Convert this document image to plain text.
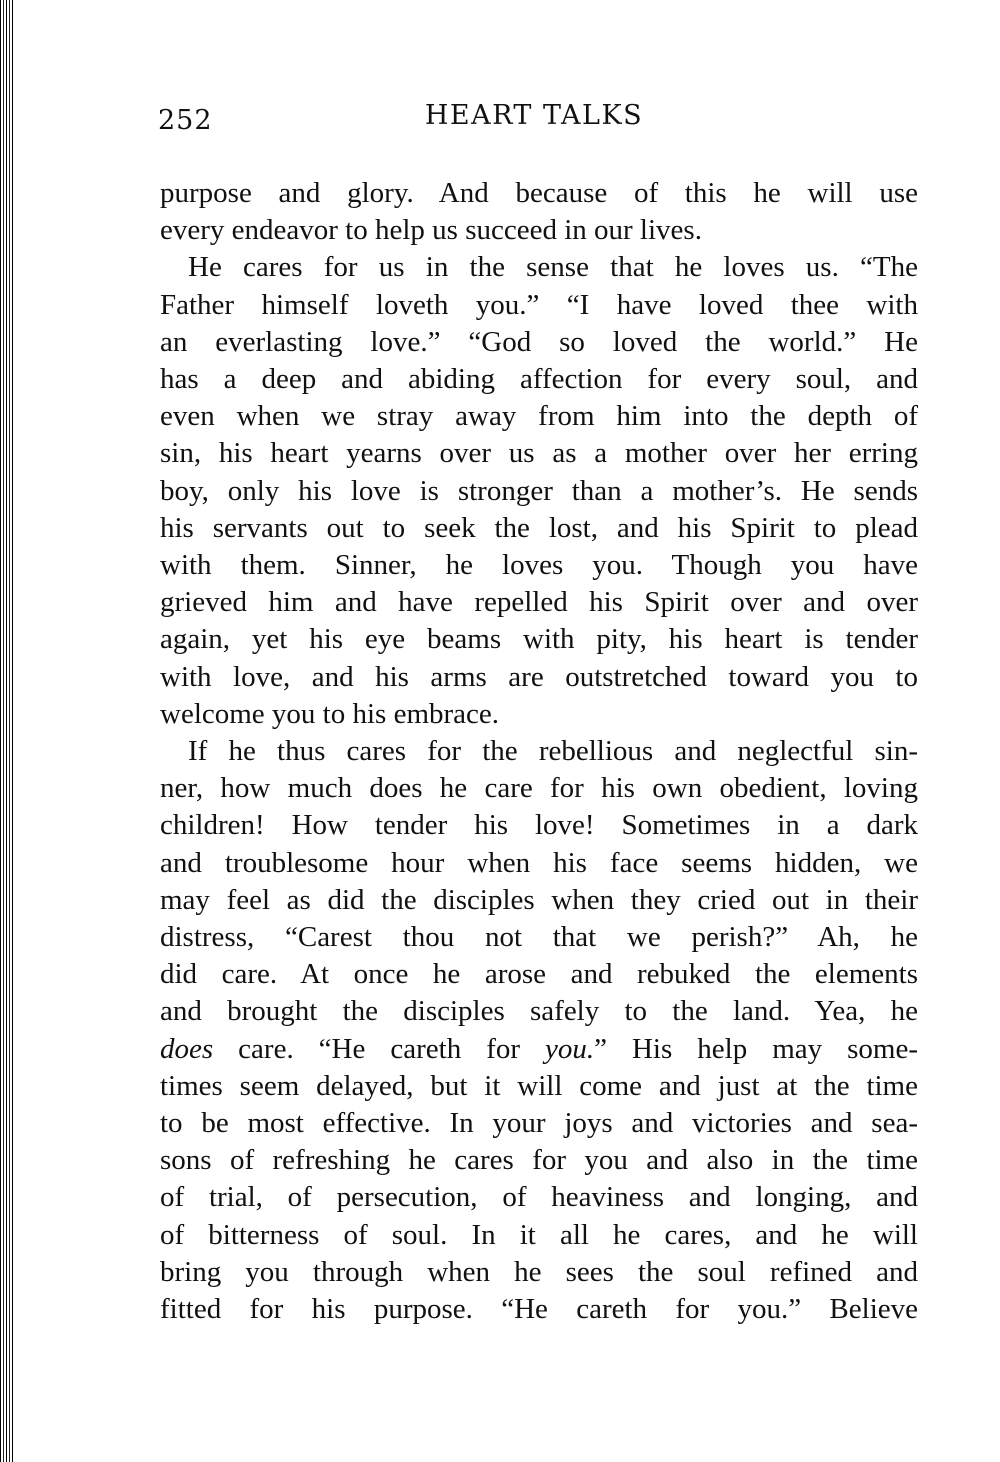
252	HEART TALKS
purpose and glory. And because of this he will use
every endeavor to help us succeed in our lives.
He cares for us in the sense that he loves us. “The
Father himself loveth you.” “I have loved thee with
an everlasting love.” “God so loved the world.” He
has a deep and abiding affection for every soul, and
even when we stray away from him into the depth of
sin, his heart yearns over us as a mother over her erring
boy, only his love is stronger than a mother’s. He sends
his servants out to seek the lost, and his Spirit to plead
with them. Sinner, he loves you. Though you have
grieved him and have repelled his Spirit over and over
again, yet his eye beams with pity, his heart is tender
with love, and his arms are outstretched toward you to
welcome you to his embrace.
If he thus cares for the rebellious and neglectful sin-
ner, how much does he care for his own obedient, loving
children! How tender his love! Sometimes in a dark
and troublesome hour when his face seems hidden, we
may feel as did the disciples when they cried out in their
distress, “Carest thou not that we perish?” Ah, he
did care. At once he arose and rebuked the elements
and brought the disciples safely to the land. Yea, he
does care. “He careth for you.” His help may some-
times seem delayed, but it will come and just at the time
to be most effective. In your joys and victories and sea-
sons of refreshing he cares for you and also in the time
of trial, of persecution, of heaviness and longing, and
of bitterness of soul. In it all he cares, and he will
bring you through when he sees the soul refined and
fitted for his purpose. “He careth for you.” Believe
